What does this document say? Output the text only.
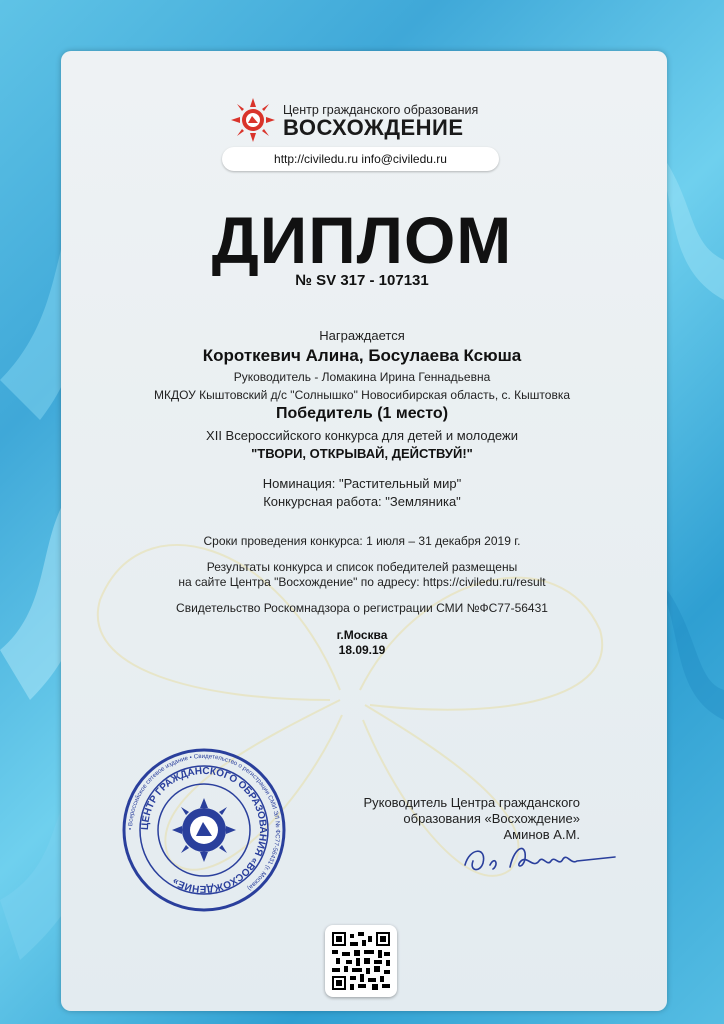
Центр гражданского образования
ВОСХОЖДЕНИЕ
http://civiledu.ru info@civiledu.ru
ДИПЛОМ
№ SV 317 - 107131
Награждается
Короткевич Алина, Босулаева Ксюша
Руководитель - Ломакина Ирина Геннадьевна
МКДОУ Кыштовский д/с "Солнышко" Новосибирская область, с. Кыштовка
Победитель (1 место)
XII Всероссийского конкурса для детей и молодежи
"ТВОРИ, ОТКРЫВАЙ, ДЕЙСТВУЙ!"
Номинация: "Растительный мир"
Конкурсная работа: "Земляника"
Сроки проведения конкурса: 1 июля – 31 декабря 2019 г.
Результаты конкурса и список победителей размещены
на сайте Центра "Восхождение" по адресу: https://civiledu.ru/result
Свидетельство Роскомнадзора о регистрации СМИ №ФС77-56431
г.Москва
18.09.19
• Всероссийское сетевое издание • Свидетельство о регистрации СМИ ЭЛ № ФС77-56431 (г. Москва)
ЦЕНТР ГРАЖДАНСКОГО ОБРАЗОВАНИЯ «ВОСХОЖДЕНИЕ»
Руководитель Центра гражданского
образования «Восхождение»
Аминов А.М.
